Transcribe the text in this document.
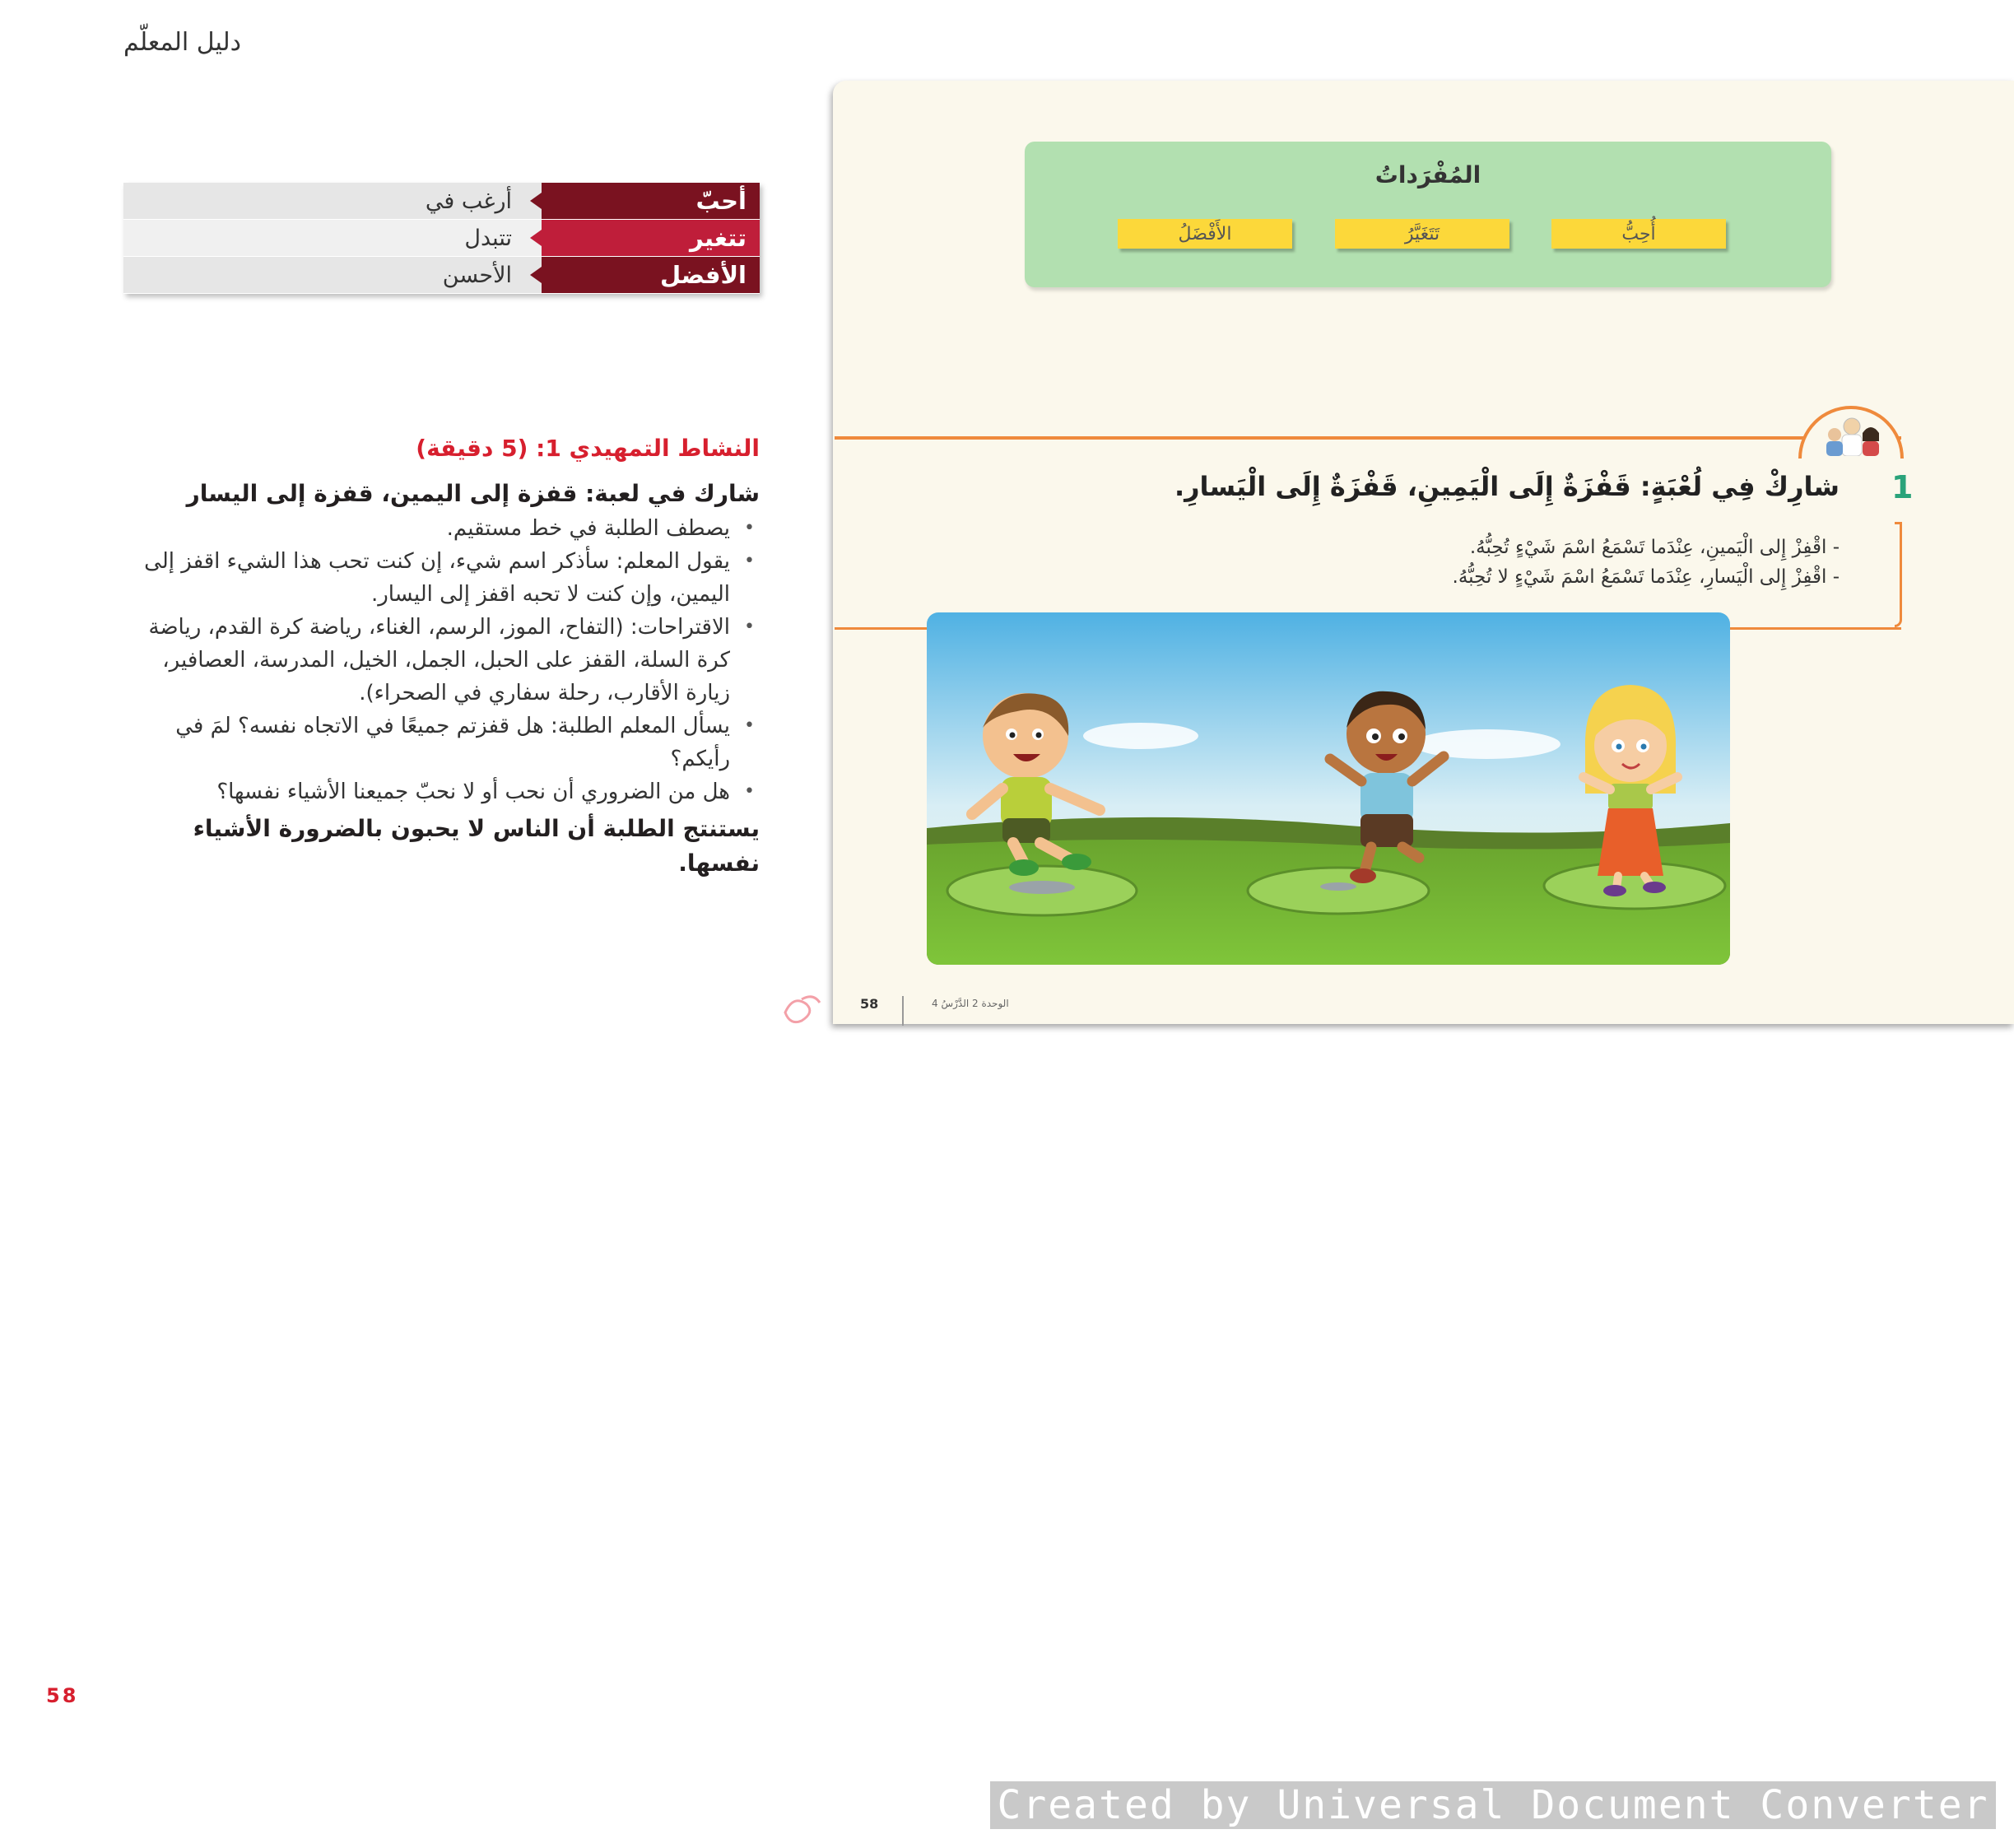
دليل المعلّم
أحبّ
أرغب في
تتغير
تتبدل
الأفضل
الأحسن
النشاط التمهيدي 1: (5 دقيقة)
شارك في لعبة: قفزة إلى اليمين، قفزة إلى اليسار
• يصطف الطلبة في خط مستقيم.
• يقول المعلم: سأذكر اسم شيء، إن كنت تحب هذا الشيء اقفز إلى اليمين، وإن كنت لا تحبه اقفز إلى اليسار.
• الاقتراحات: (التفاح، الموز، الرسم، الغناء، رياضة كرة القدم، رياضة كرة السلة، القفز على الحبل، الجمل، الخيل، المدرسة، العصافير، زيارة الأقارب، رحلة سفاري في الصحراء).
• يسأل المعلم الطلبة: هل قفزتم جميعًا في الاتجاه نفسه؟ لمَ في رأيكم؟
• هل من الضروري أن نحب أو لا نحبّ جميعنا الأشياء نفسها؟
يستنتج الطلبة أن الناس لا يحبون بالضرورة الأشياء نفسها.
58
المُفْرَداتُ
أُحِبُّ
تَتَغَيَّرُ
الأَفْضَلُ
1
شارِكْ فِي لُعْبَةٍ: قَفْزَةٌ إِلَى الْيَمِينِ، قَفْزَةٌ إِلَى الْيَسارِ.
- اقْفِزْ إِلى الْيَمينِ، عِنْدَما تَسْمَعُ اسْمَ شَيْءٍ تُحِبُّهُ.
- اقْفِزْ إِلى الْيَسارِ، عِنْدَما تَسْمَعُ اسْمَ شَيْءٍ لا تُحِبُّهُ.
58	الوحدة 2 الدَّرْسُ 4
Created by Universal Document Converter
